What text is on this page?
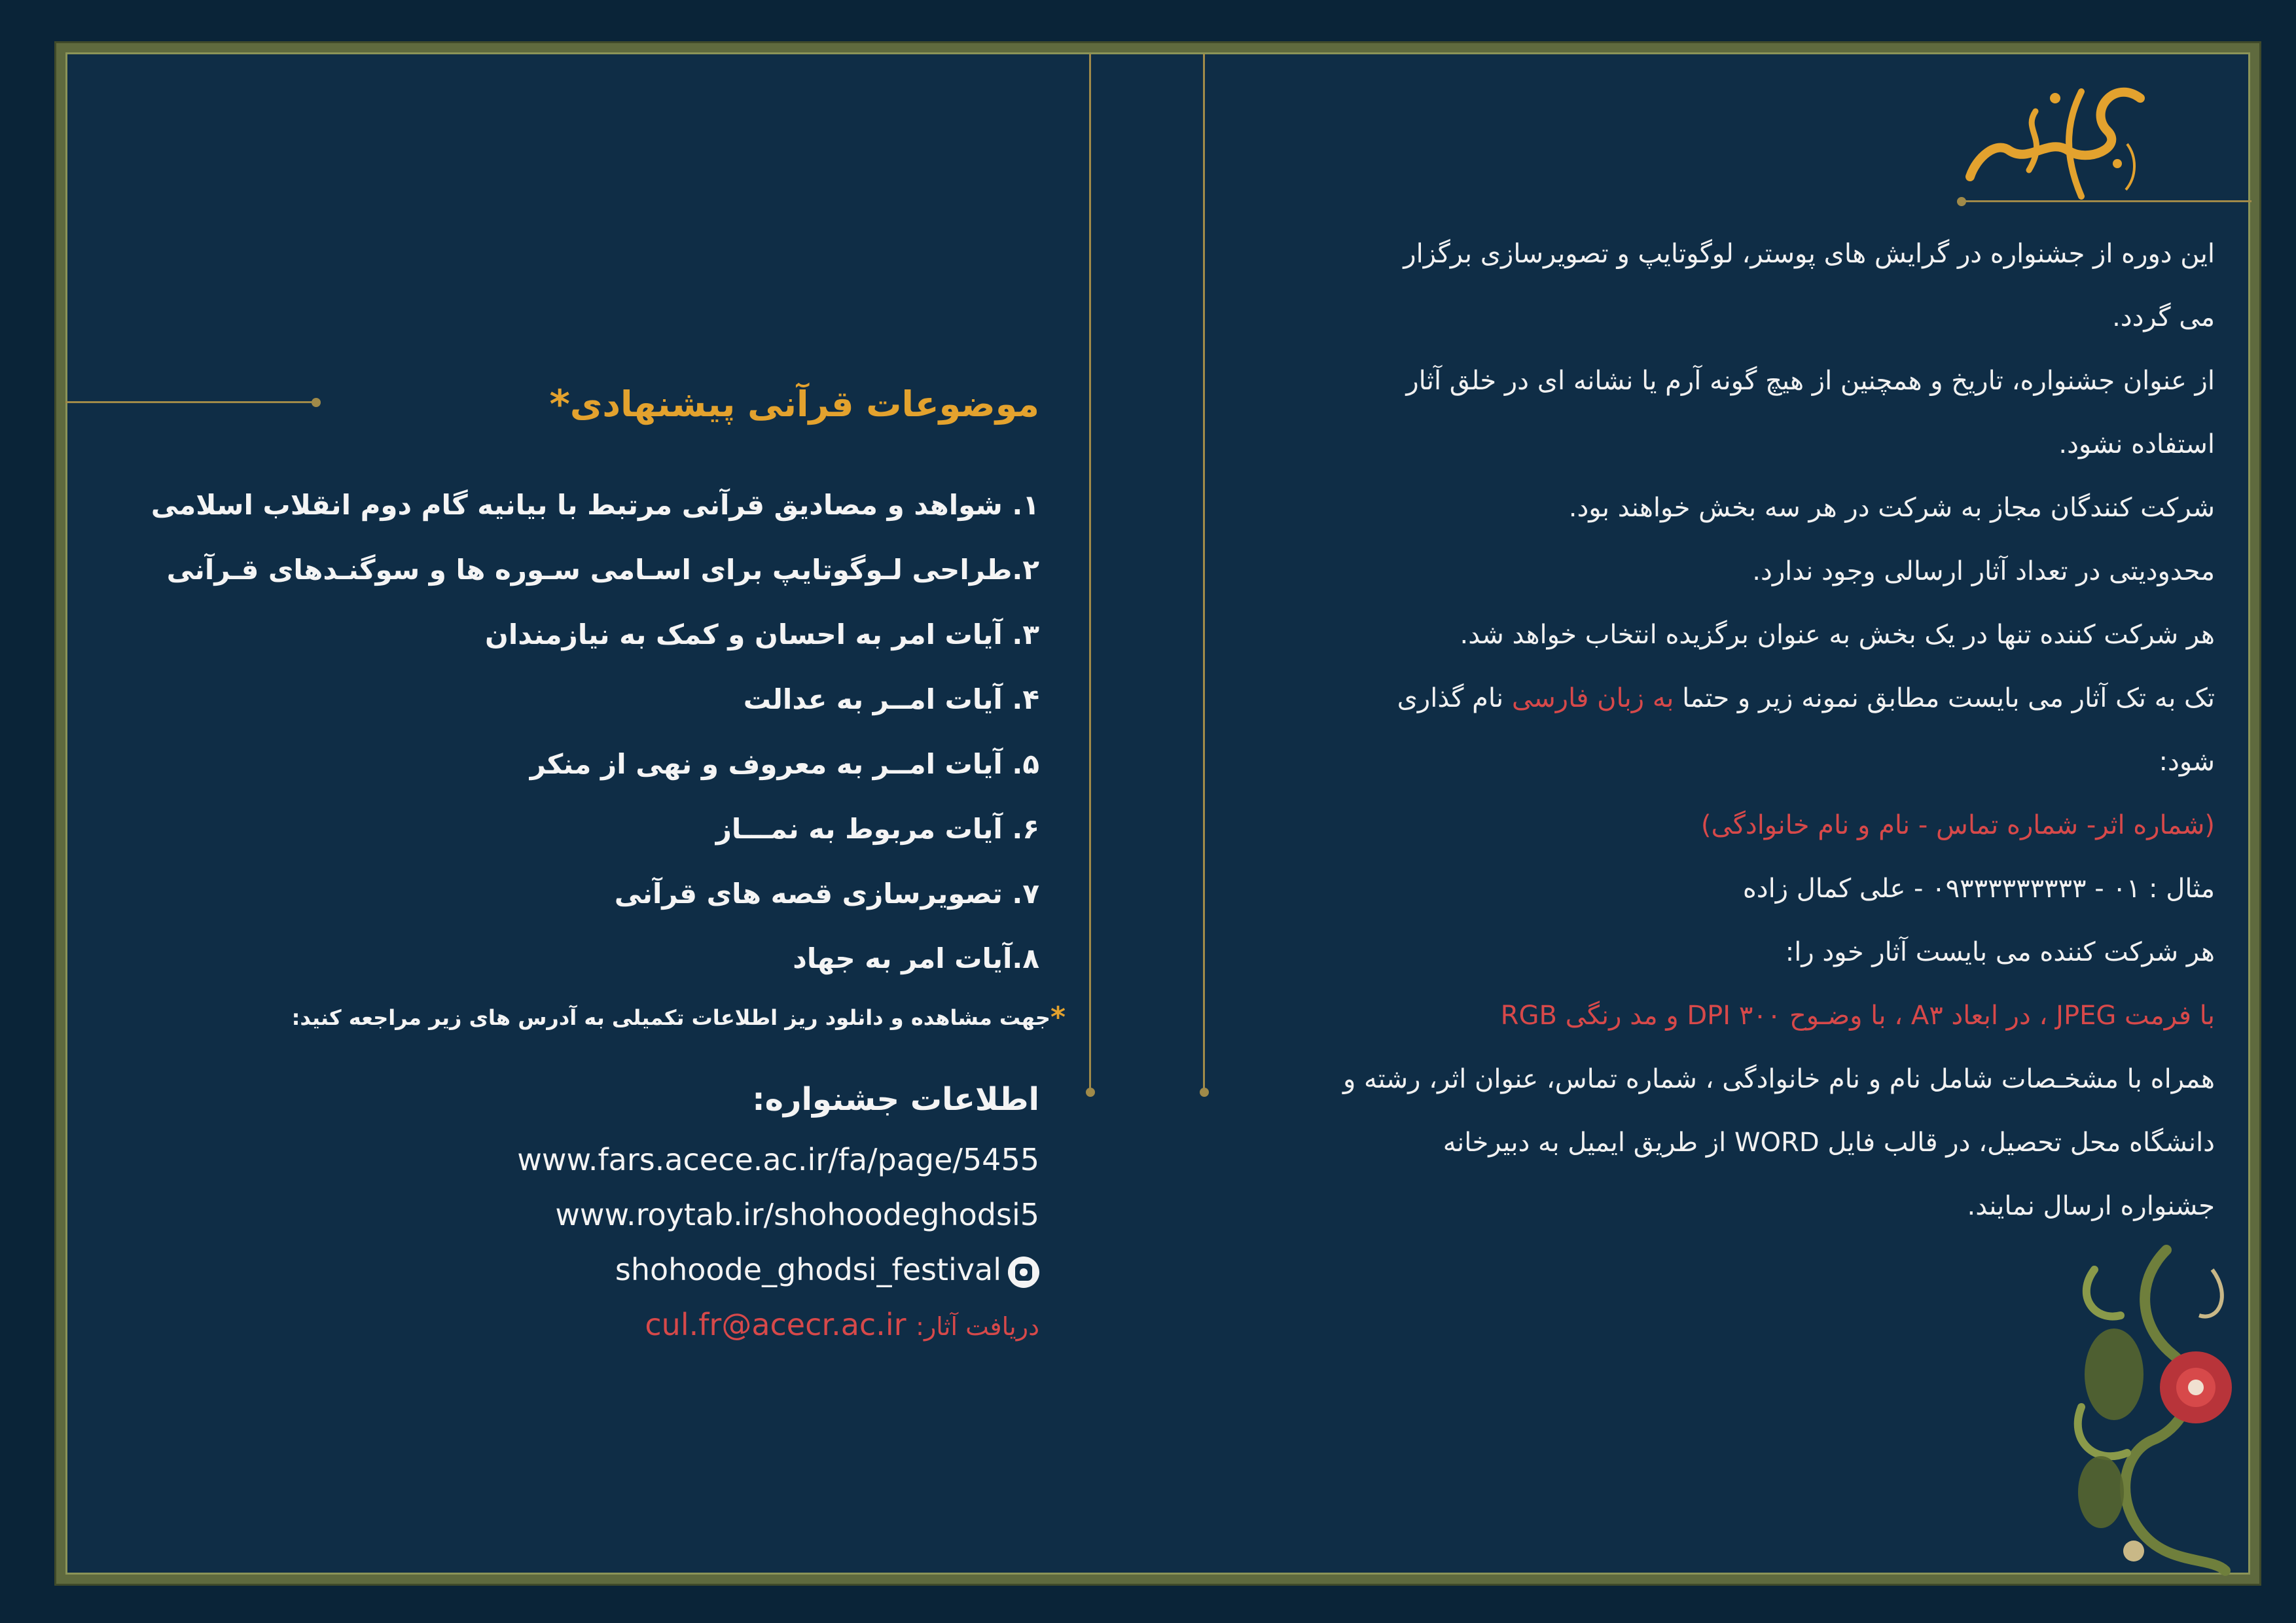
این دوره از جشنواره در گرایش های پوستر، لوگوتایپ و تصویرسازی برگزار

می گردد.

از عنوان جشنواره، تاریخ و همچنین از هیچ گونه آرم یا نشانه ای در خلق آثار

استفاده نشود.

شرکت کنندگان مجاز به شرکت در هر سه بخش خواهند بود.

محدودیتی در تعداد آثار ارسالی وجود ندارد.

هر شرکت کننده تنها در یک بخش به عنوان برگزیده انتخاب خواهد شد.

تک به تک آثار می بایست مطابق نمونه زیر و حتما به زبان فارسی نام گذاری

شود:

(شماره اثر- شماره تماس - نام و نام خانوادگی)

مثال : ۰۱ - ۰۹۳۳۳۳۳۳۳۳۳ - علی کمال زاده

هر شرکت کننده می بایست آثار خود را:

با فرمت JPEG ، در ابعاد A۳ ، با وضـوح ۳۰۰ DPI و مد رنگی RGB

همراه با مشخـصات شامل نام و نام خانوادگی ، شماره تماس، عنوان اثر، رشته و

دانشگاه محل تحصیل، در قالب فایل WORD از طریق ایمیل به دبیرخانه

جشنواره ارسال نمایند.

موضوعات قرآنی پیشنهادی*
۱. شواهد و مصادیق قرآنی مرتبط با بیانیه گام دوم انقلاب اسلامی
۲.طراحی لـوگوتایپ برای اسـامی سـوره ها و سوگنـدهای قـرآنی
۳. آیات امر به احسان و کمک به نیازمندان
۴. آیات امــر به عدالت
۵. آیات امــر به معروف و نهی از منکر
۶. آیات مربوط به نمـــاز
۷. تصویرسازی قصه های قرآنی
۸.آیات امر به جهاد
*جهت مشاهده و دانلود ریز اطلاعات تکمیلی به آدرس های زیر مراجعه کنید:
اطلاعات جشنواره:
www.fars.acece.ac.ir/fa/page/5455
www.roytab.ir/shohoodeghodsi5
shohoode_ghodsi_festival
دریافت آثار: cul.fr@acecr.ac.ir
